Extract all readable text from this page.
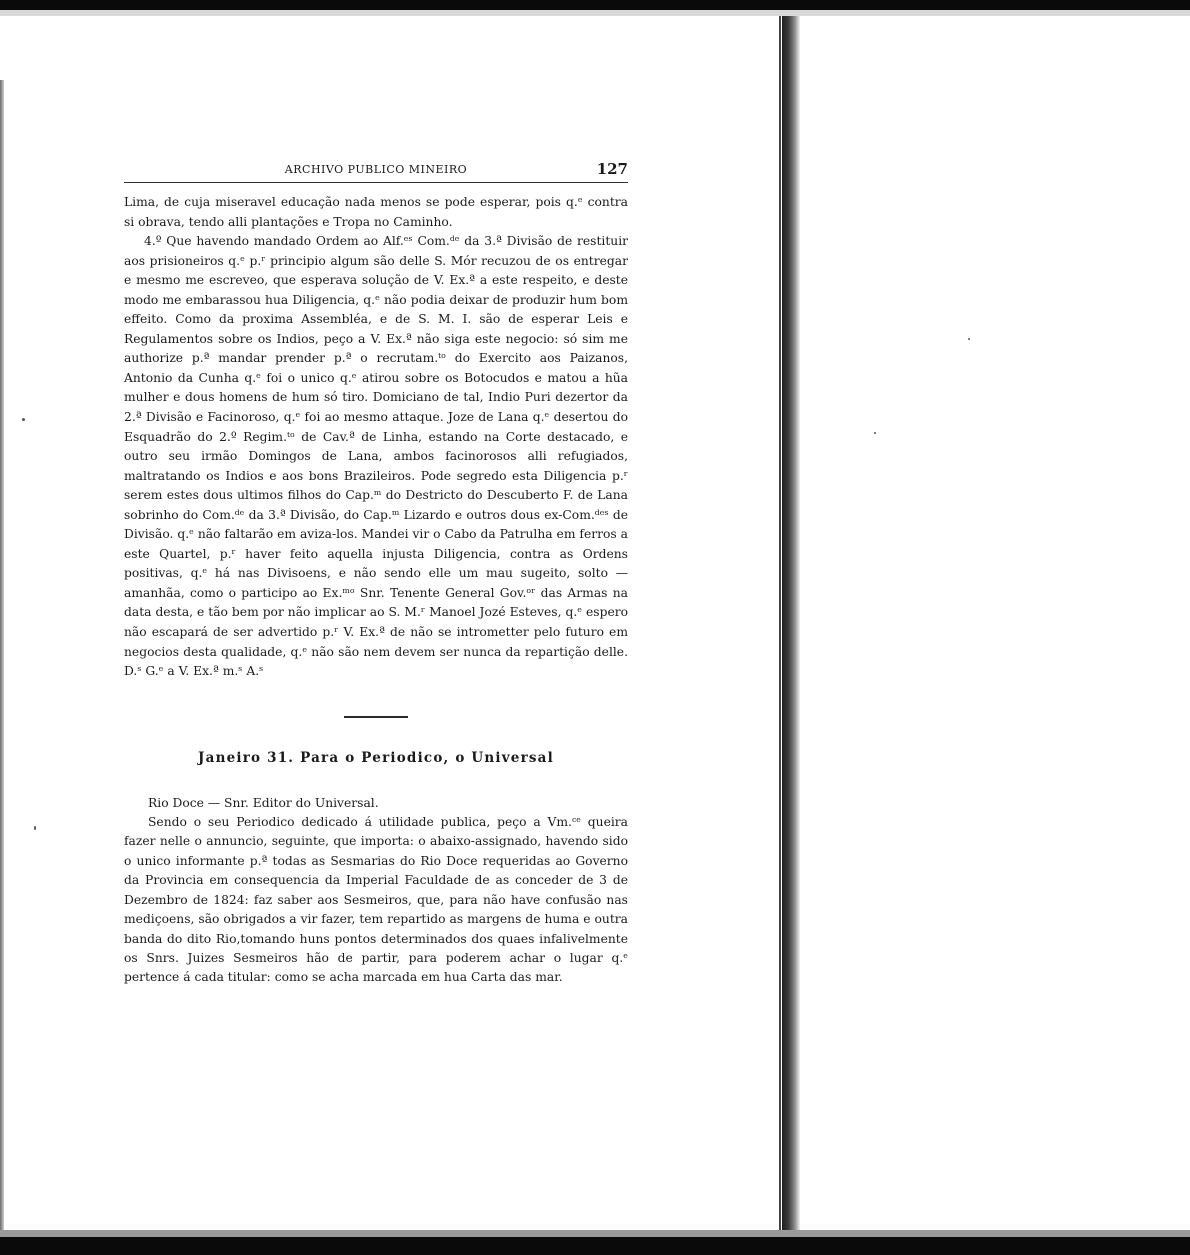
ARCHIVO PUBLICO MINEIRO	127

Lima, de cuja miseravel educação nada menos se pode esperar, pois q.ᵉ contra si obrava, tendo alli plantações e Tropa no Caminho.

4.º Que havendo mandado Ordem ao Alf.ᵉˢ Com.ᵈᵉ da 3.ª Divisão de restituir aos prisioneiros q.ᵉ p.ʳ principio algum são delle S. Mór recuzou de os entregar e mesmo me escreveo, que esperava solução de V. Ex.ª a este respeito, e deste modo me embarassou hua Diligencia, q.ᵉ não podia deixar de produzir hum bom effeito. Como da proxima Assembléa, e de S. M. I. são de esperar Leis e Regulamentos sobre os Indios, peço a V. Ex.ª não siga este negocio: só sim me authorize p.ª mandar prender p.ª o recrutam.ᵗᵒ do Exercito aos Paizanos, Antonio da Cunha q.ᵉ foi o unico q.ᵉ atirou sobre os Botocudos e matou a hũa mulher e dous homens de hum só tiro. Domiciano de tal, Indio Puri dezertor da 2.ª Divisão e Facinoroso, q.ᵉ foi ao mesmo attaque. Joze de Lana q.ᵉ desertou do Esquadrão do 2.º Regim.ᵗᵒ de Cav.ª de Linha, estando na Corte destacado, e outro seu irmão Domingos de Lana, ambos facinorosos alli refugiados, maltratando os Indios e aos bons Brazileiros. Pode segredo esta Diligencia p.ʳ serem estes dous ultimos filhos do Cap.ᵐ do Destricto do Descuberto F. de Lana sobrinho do Com.ᵈᵉ da 3.ª Divisão, do Cap.ᵐ Lizardo e outros dous ex-Com.ᵈᵉˢ de Divisão. q.ᵉ não faltarão em aviza-los. Mandei vir o Cabo da Patrulha em ferros a este Quartel, p.ʳ haver feito aquella injusta Diligencia, contra as Ordens positivas, q.ᵉ há nas Divisoens, e não sendo elle um mau sugeito, solto — amanhãa, como o participo ao Ex.ᵐᵒ Snr. Tenente General Gov.ᵒʳ das Armas na data desta, e tão bem por não implicar ao S. M.ʳ Manoel Jozé Esteves, q.ᵉ espero não escapará de ser advertido p.ʳ V. Ex.ª de não se intrometter pelo futuro em negocios desta qualidade, q.ᵉ não são nem devem ser nunca da repartição delle. D.ˢ G.ᵉ a V. Ex.ª m.ˢ A.ˢ

Janeiro 31. Para o Periodico, o Universal

Rio Doce — Snr. Editor do Universal.

Sendo o seu Periodico dedicado á utilidade publica, peço a Vm.ᶜᵉ queira fazer nelle o annuncio, seguinte, que importa: o abaixo-assignado, havendo sido o unico informante p.ª todas as Sesmarias do Rio Doce requeridas ao Governo da Provincia em consequencia da Imperial Faculdade de as conceder de 3 de Dezembro de 1824: faz saber aos Sesmeiros, que, para não have confusão nas mediçoens, são obrigados a vir fazer, tem repartido as margens de huma e outra banda do dito Rio,tomando huns pontos determinados dos quaes infalivelmente os Snrs. Juizes Sesmeiros hão de partir, para poderem achar o lugar q.ᵉ pertence á cada titular: como se acha marcada em hua Carta das mar.
